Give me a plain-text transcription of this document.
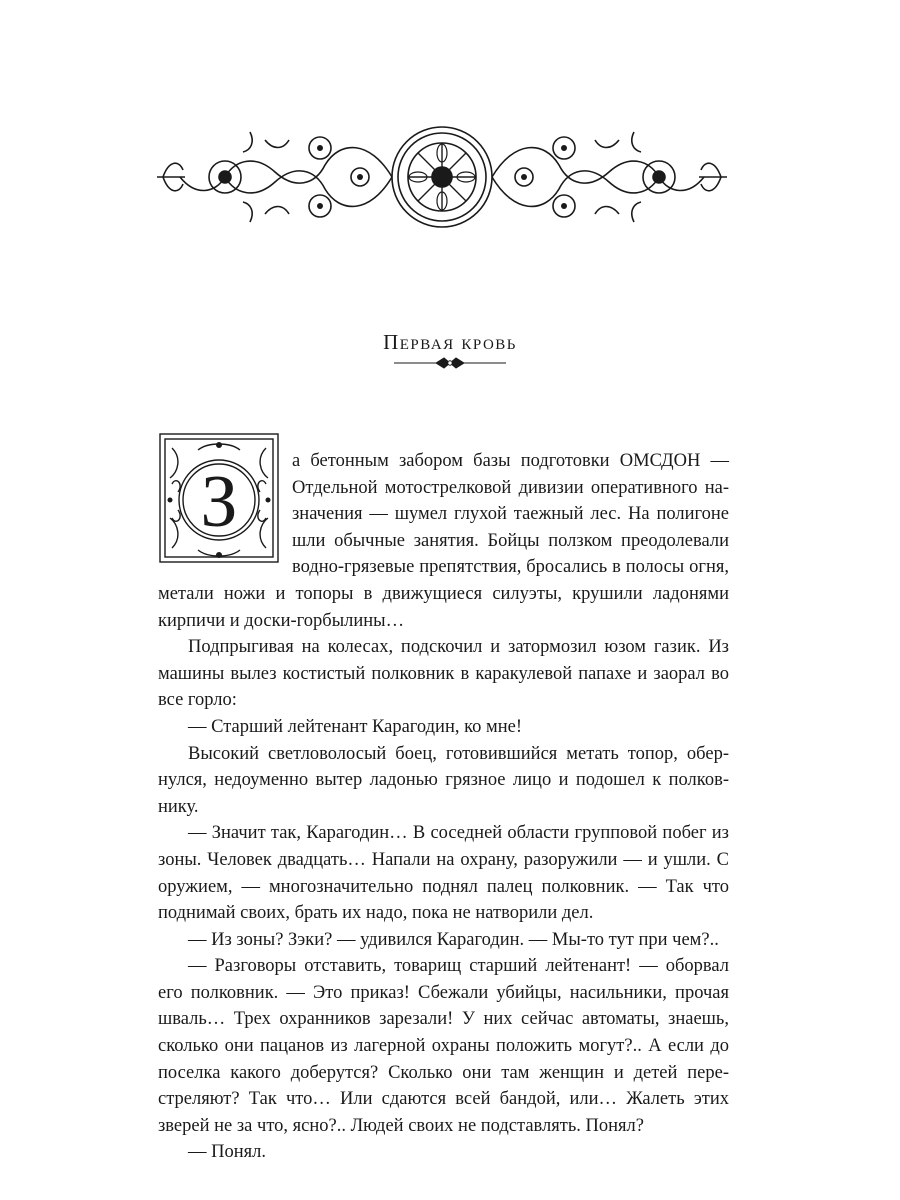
Первая кровь

З	а бетонным забором базы подготовки ОМСДОН — Отдельной мотострелковой дивизии оперативного назначения — шумел глухой таежный лес. На полигоне шли обычные занятия. Бойцы ползком преодолевали водно-грязевые препятствия, бросались в полосы огня, метали ножи и топоры в движущиеся силуэты, крушили ладонями кирпичи и доски-горбылины…

Подпрыгивая на колесах, подскочил и затормозил юзом газик. Из машины вылез костистый полковник в каракулевой папахе и заорал во все горло:

— Старший лейтенант Карагодин, ко мне!

Высокий светловолосый боец, готовившийся метать топор, обернулся, недоуменно вытер ладонью грязное лицо и подошел к полковнику.

— Значит так, Карагодин… В соседней области групповой побег из зоны. Человек двадцать… Напали на охрану, разоружили — и ушли. С оружием, — многозначительно поднял палец полковник. — Так что поднимай своих, брать их надо, пока не натворили дел.

— Из зоны? Зэки? — удивился Карагодин. — Мы-то тут при чем?..

— Разговоры отставить, товарищ старший лейтенант! — оборвал его полковник. — Это приказ! Сбежали убийцы, насильники, прочая шваль… Трех охранников зарезали! У них сейчас автоматы, знаешь, сколько они пацанов из лагерной охраны положить могут?.. А если до поселка какого доберутся? Сколько они там женщин и детей перестреляют? Так что… Или сдаются всей бандой, или… Жалеть этих зверей не за что, ясно?.. Людей своих не подставлять. Понял?

— Понял.
